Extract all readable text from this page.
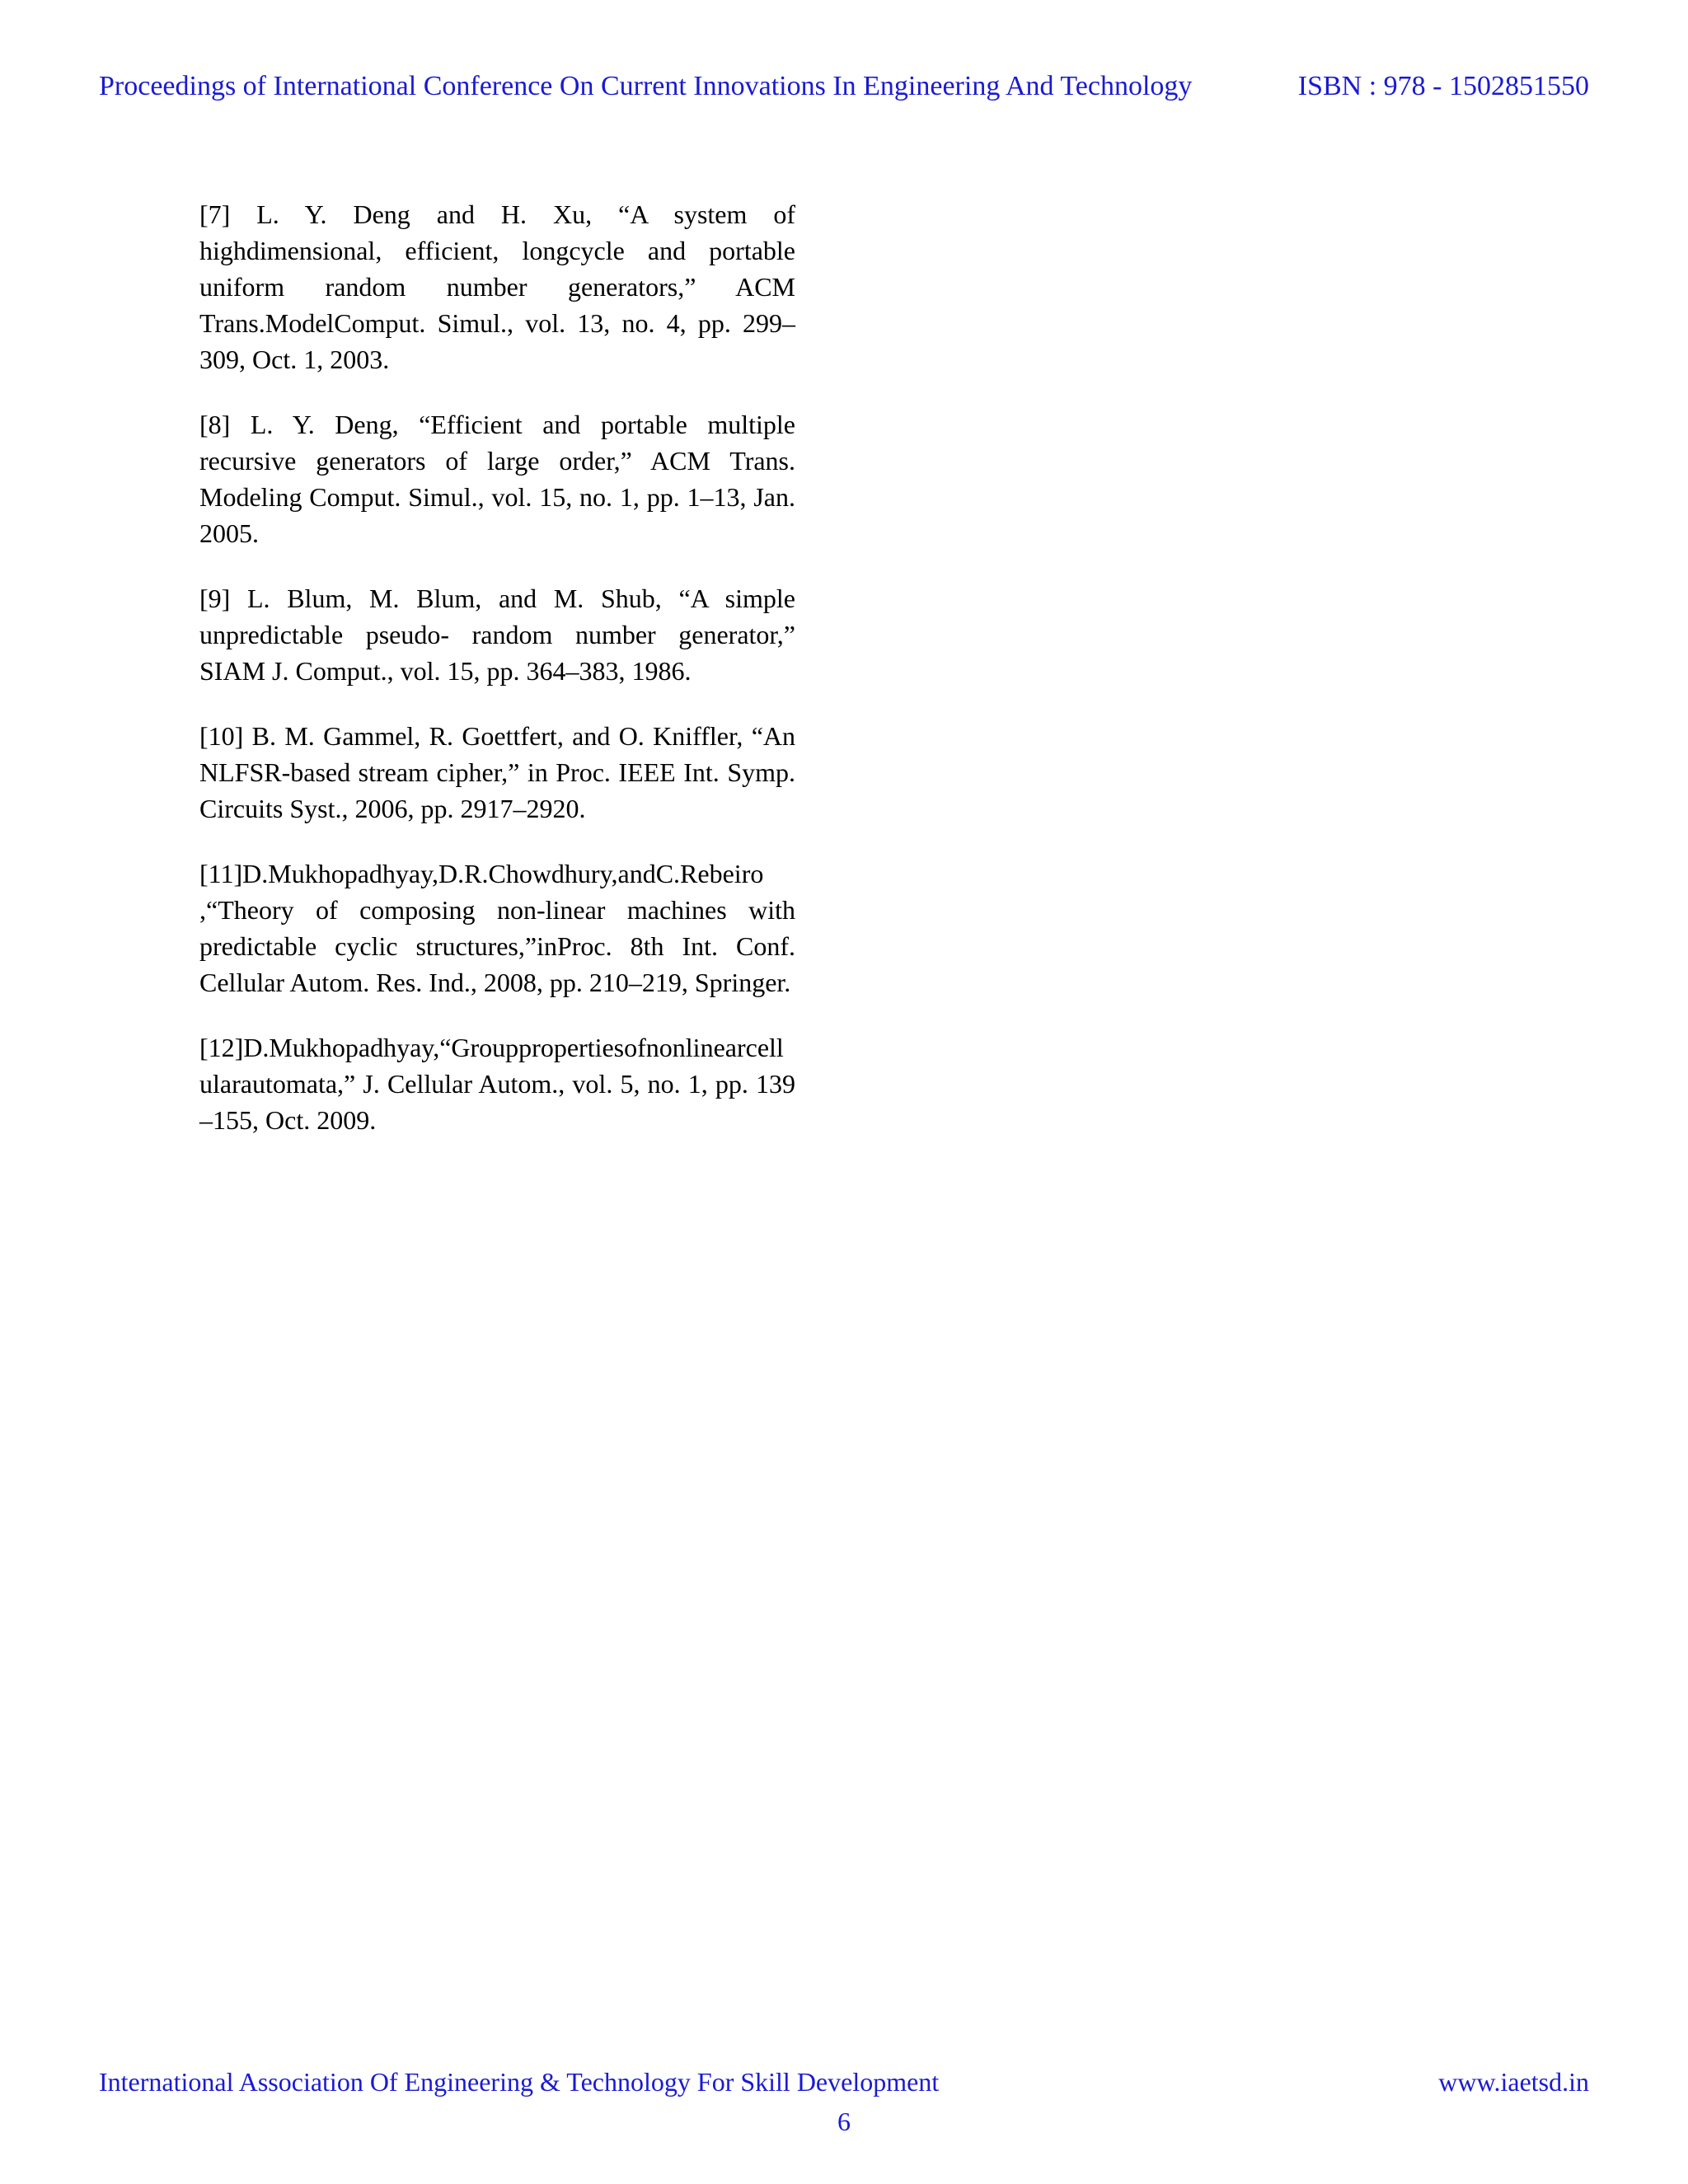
Proceedings of International Conference On Current Innovations In Engineering And Technology	ISBN : 978 - 1502851550

[7] L. Y. Deng and H. Xu, “A system of highdimensional, efficient, longcycle and portable uniform random number generators,” ACM Trans.ModelComput. Simul., vol. 13, no. 4, pp. 299–309, Oct. 1, 2003.

[8] L. Y. Deng, “Efficient and portable multiple recursive generators of large order,” ACM Trans. Modeling Comput. Simul., vol. 15, no. 1, pp. 1–13, Jan. 2005.

[9] L. Blum, M. Blum, and M. Shub, “A simple unpredictable pseudo- random number generator,” SIAM J. Comput., vol. 15, pp. 364–383, 1986.

[10] B. M. Gammel, R. Goettfert, and O. Kniffler, “An NLFSR-based stream cipher,” in Proc. IEEE Int. Symp. Circuits Syst., 2006, pp. 2917–2920.

[11]D.Mukhopadhyay,D.R.Chowdhury,andC.Rebeiro ,“Theory of composing non-linear machines with predictable cyclic structures,”inProc. 8th Int. Conf. Cellular Autom. Res. Ind., 2008, pp. 210–219, Springer.

[12]D.Mukhopadhyay,“Grouppropertiesofnonlinearcellularautomata,” J. Cellular Autom., vol. 5, no. 1, pp. 139–155, Oct. 2009.

International Association Of Engineering & Technology For Skill Development	www.iaetsd.in
6
